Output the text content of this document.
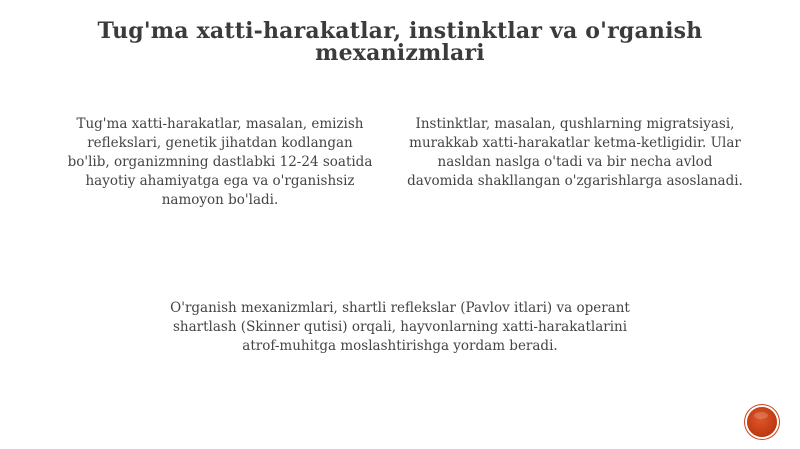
Tug'ma xatti-harakatlar, instinktlar va o'rganish
mexanizmlari
Tug'ma xatti-harakatlar, masalan, emizish
reflekslari, genetik jihatdan kodlangan
bo'lib, organizmning dastlabki 12-24 soatida
hayotiy ahamiyatga ega va o'rganishsiz
namoyon bo'ladi.
Instinktlar, masalan, qushlarning migratsiyasi,
murakkab xatti-harakatlar ketma-ketligidir. Ular
nasldan naslga o'tadi va bir necha avlod
davomida shakllangan o'zgarishlarga asoslanadi.
O'rganish mexanizmlari, shartli reflekslar (Pavlov itlari) va operant
shartlash (Skinner qutisi) orqali, hayvonlarning xatti-harakatlarini
atrof-muhitga moslashtirishga yordam beradi.
